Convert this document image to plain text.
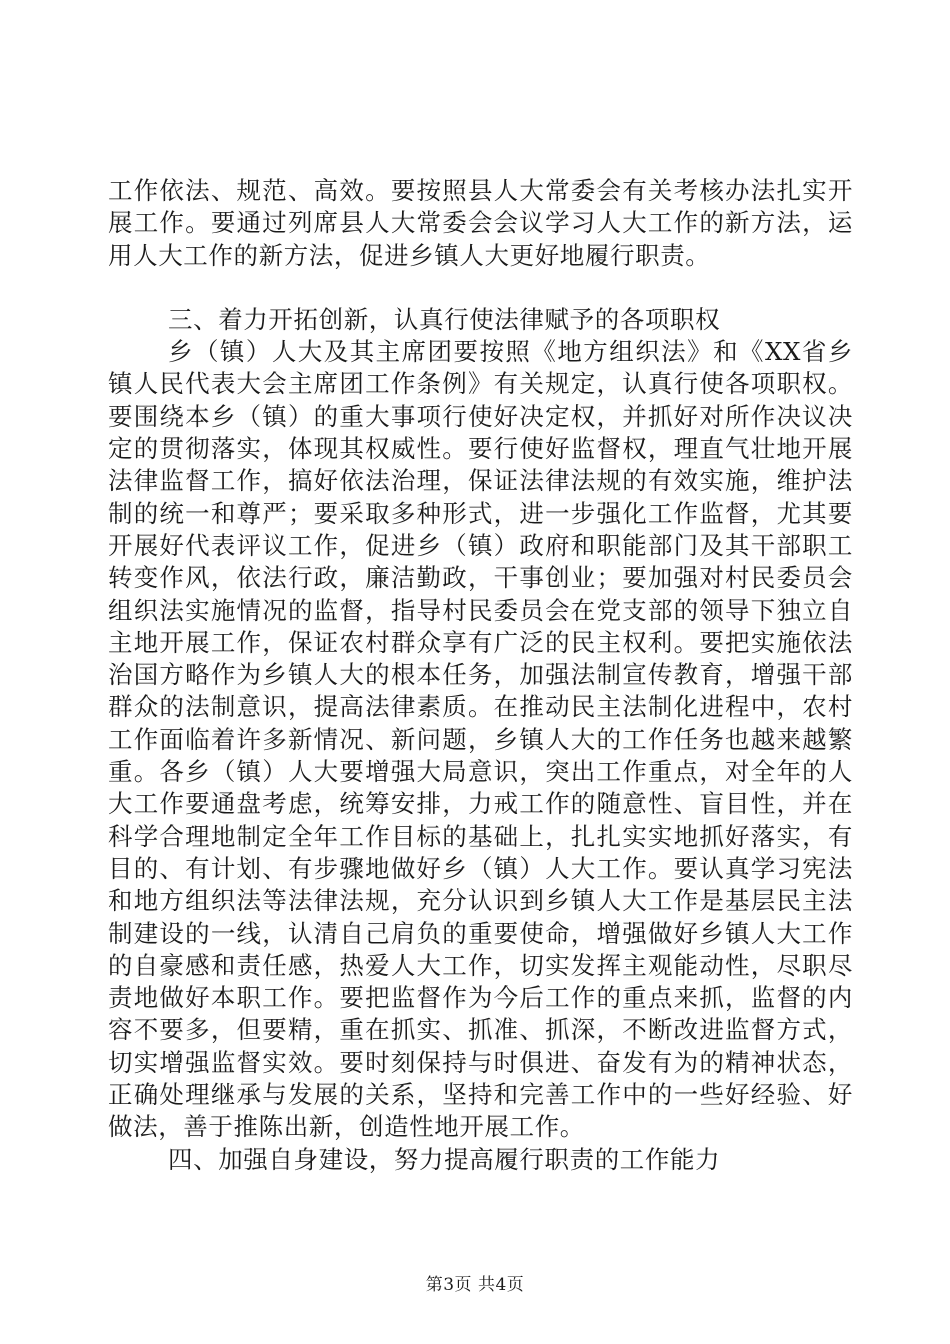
工作依法、规范、高效。要按照县人大常委会有关考核办法扎实开展工作。要通过列席县人大常委会会议学习人大工作的新方法，运用人大工作的新方法，促进乡镇人大更好地履行职责。

三、着力开拓创新，认真行使法律赋予的各项职权

乡（镇）人大及其主席团要按照《地方组织法》和《XX省乡镇人民代表大会主席团工作条例》有关规定，认真行使各项职权。要围绕本乡（镇）的重大事项行使好决定权，并抓好对所作决议决定的贯彻落实，体现其权威性。要行使好监督权，理直气壮地开展法律监督工作，搞好依法治理，保证法律法规的有效实施，维护法制的统一和尊严；要采取多种形式，进一步强化工作监督，尤其要开展好代表评议工作，促进乡（镇）政府和职能部门及其干部职工转变作风，依法行政，廉洁勤政，干事创业；要加强对村民委员会组织法实施情况的监督，指导村民委员会在党支部的领导下独立自主地开展工作，保证农村群众享有广泛的民主权利。要把实施依法治国方略作为乡镇人大的根本任务，加强法制宣传教育，增强干部群众的法制意识，提高法律素质。在推动民主法制化进程中，农村工作面临着许多新情况、新问题，乡镇人大的工作任务也越来越繁重。各乡（镇）人大要增强大局意识，突出工作重点，对全年的人大工作要通盘考虑，统筹安排，力戒工作的随意性、盲目性，并在科学合理地制定全年工作目标的基础上，扎扎实实地抓好落实，有目的、有计划、有步骤地做好乡（镇）人大工作。要认真学习宪法和地方组织法等法律法规，充分认识到乡镇人大工作是基层民主法制建设的一线，认清自己肩负的重要使命，增强做好乡镇人大工作的自豪感和责任感，热爱人大工作，切实发挥主观能动性，尽职尽责地做好本职工作。要把监督作为今后工作的重点来抓，监督的内容不要多，但要精，重在抓实、抓准、抓深，不断改进监督方式，切实增强监督实效。要时刻保持与时俱进、奋发有为的精神状态，正确处理继承与发展的关系，坚持和完善工作中的一些好经验、好做法，善于推陈出新，创造性地开展工作。

四、加强自身建设，努力提高履行职责的工作能力

第3页 共4页
